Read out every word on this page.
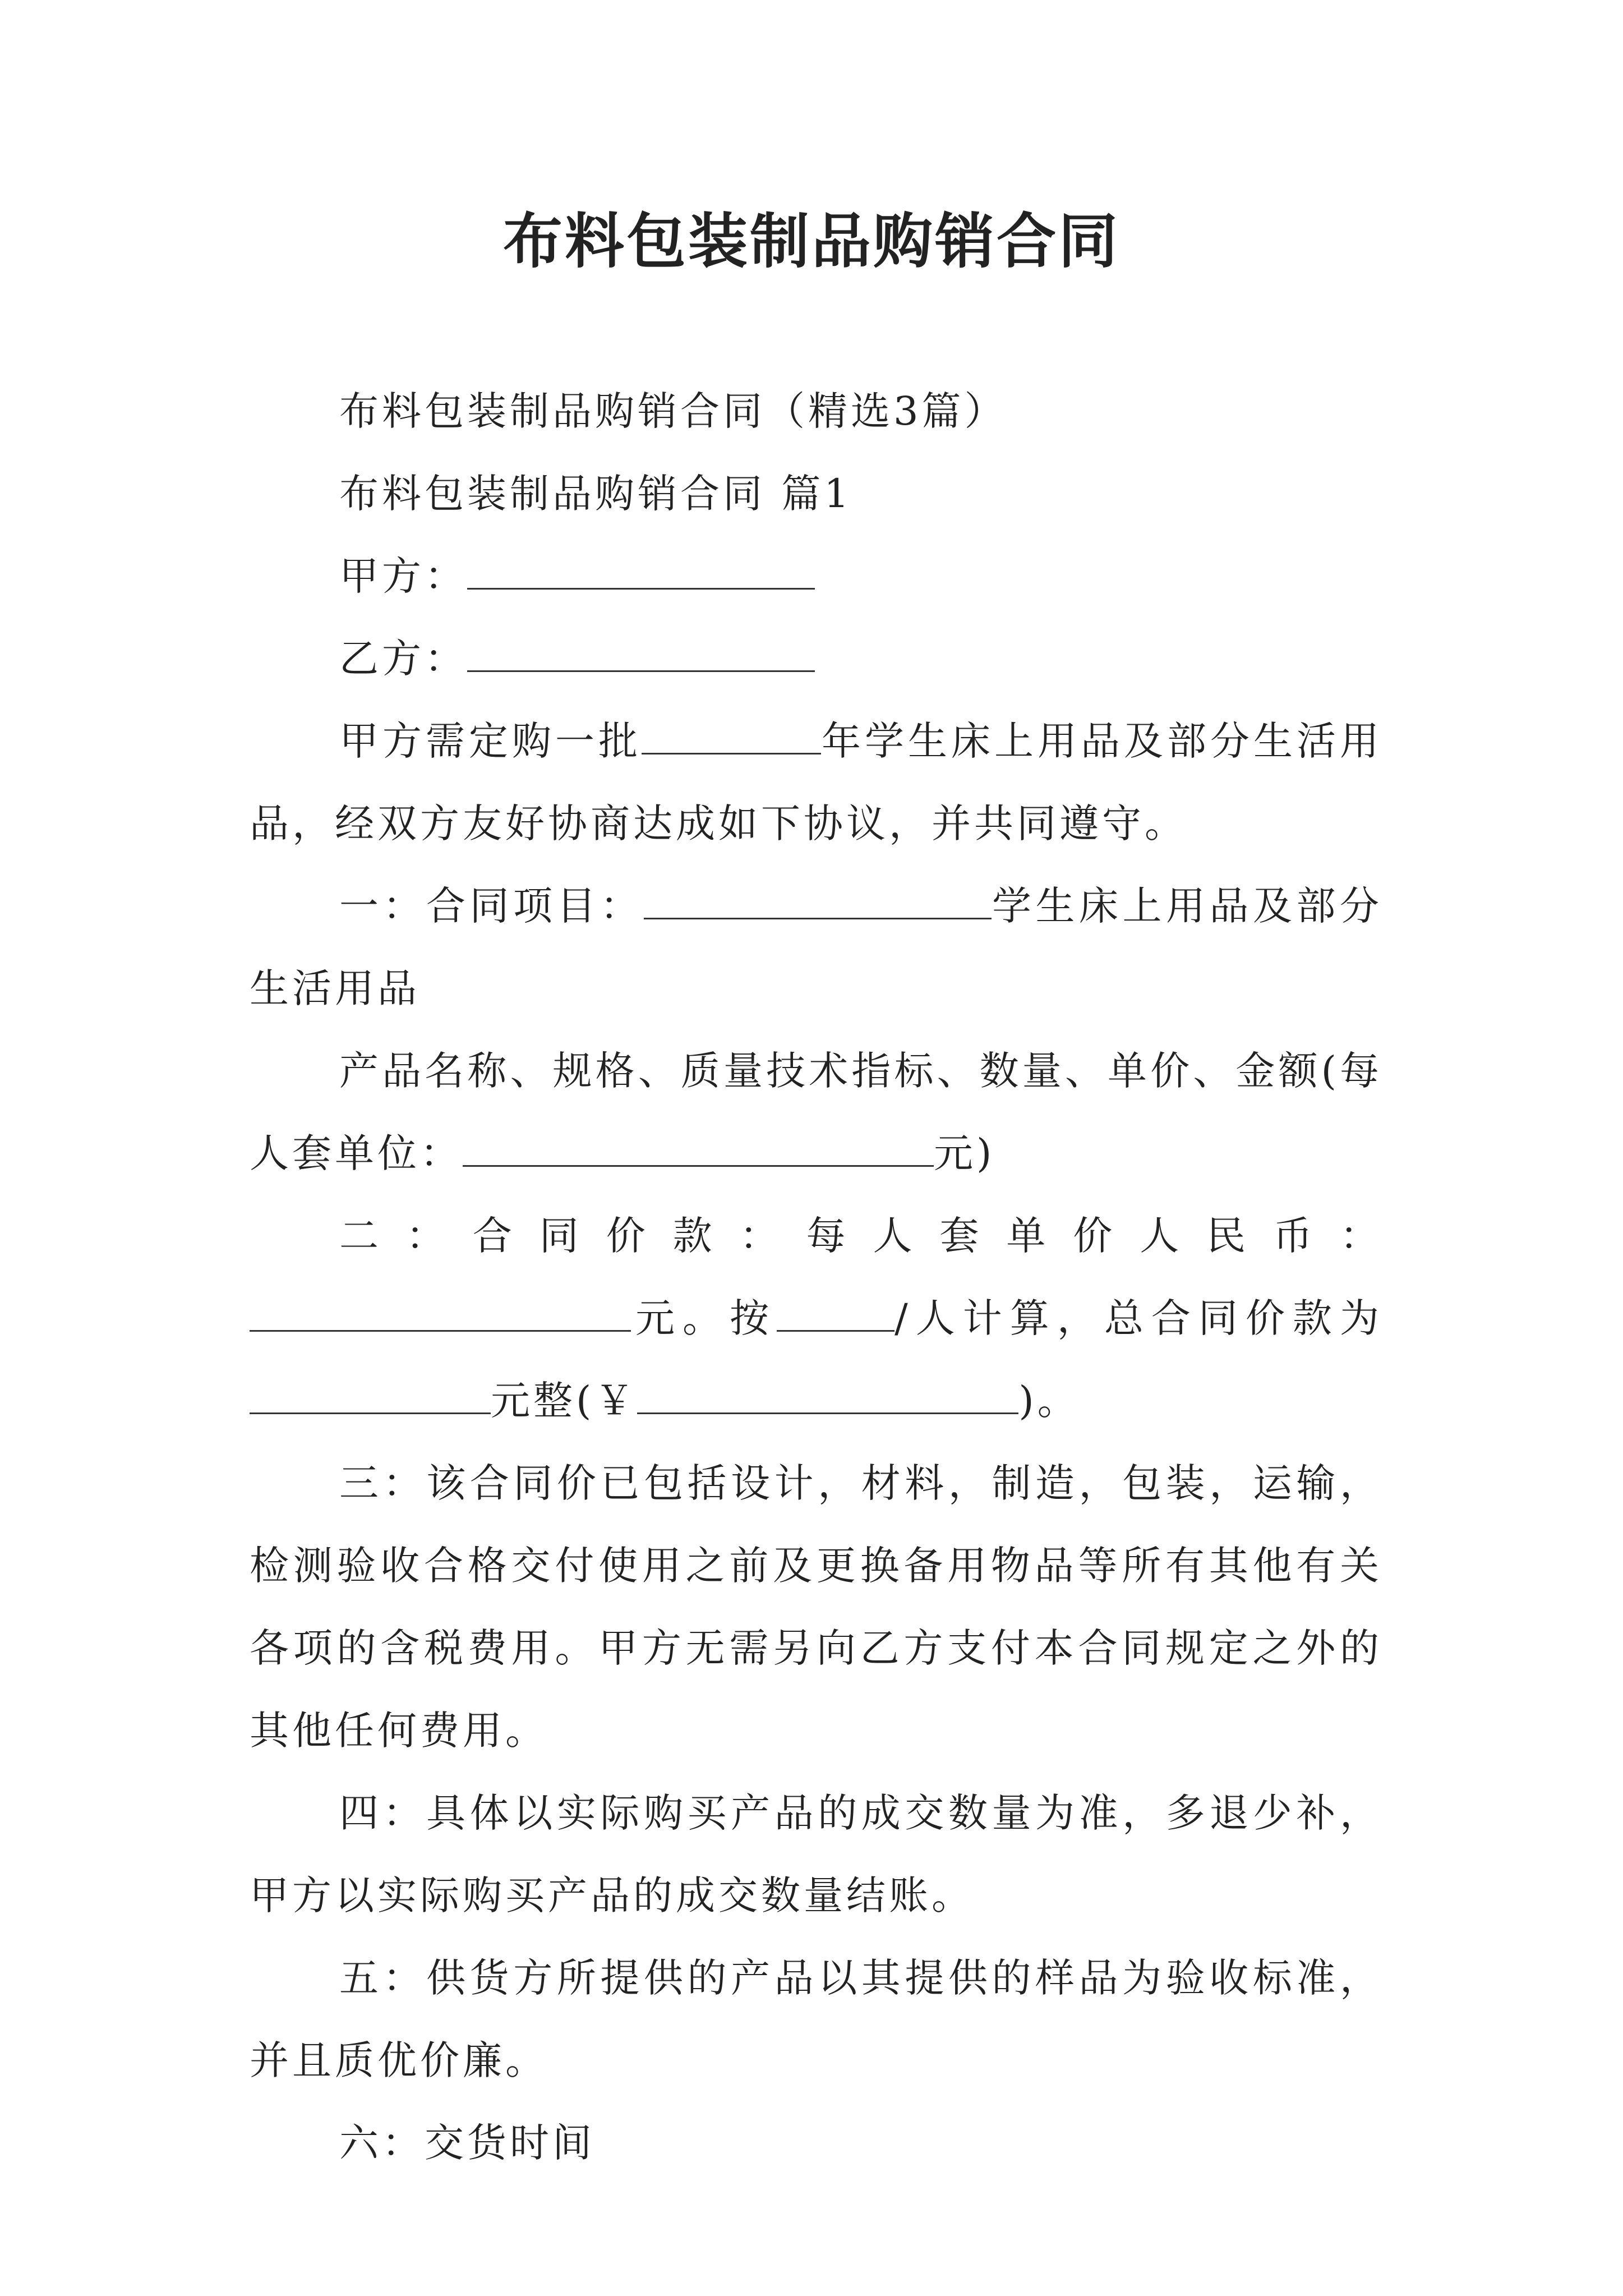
布料包装制品购销合同

布料包装制品购销合同（精选3篇）

布料包装制品购销合同 篇1

甲方：

乙方：

甲方需定购一批	年学生床上用品及部分生活用品，经双方友好协商达成如下协议，并共同遵守。

一：合同项目：	学生床上用品及部分生活用品

产品名称、规格、质量技术指标、数量、单价、金额(每人套单位：	元)

二：合同价款：每人套单价人民币：元。按	/人计算，总合同价款为元整(￥	)。

三：该合同价已包括设计，材料，制造，包装，运输，检测验收合格交付使用之前及更换备用物品等所有其他有关各项的含税费用。甲方无需另向乙方支付本合同规定之外的其他任何费用。

四：具体以实际购买产品的成交数量为准，多退少补，甲方以实际购买产品的成交数量结账。

五：供货方所提供的产品以其提供的样品为验收标准，并且质优价廉。

六：交货时间
